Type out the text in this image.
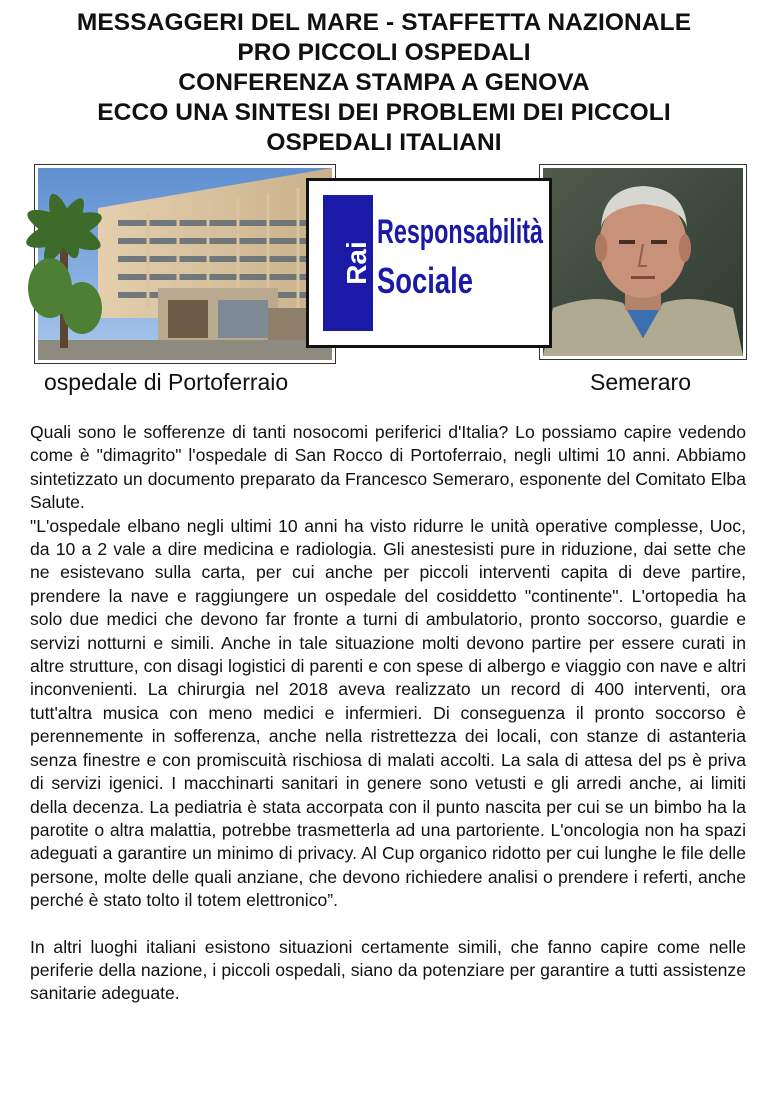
MESSAGGERI DEL MARE - STAFFETTA NAZIONALE
PRO PICCOLI OSPEDALI
CONFERENZA STAMPA A GENOVA
ECCO UNA SINTESI DEI PROBLEMI DEI PICCOLI
OSPEDALI ITALIANI
Rai
Responsabilità
Sociale
ospedale di Portoferraio	Semeraro
Quali sono le sofferenze di tanti nosocomi periferici d'Italia? Lo possiamo capire vedendo come è "dimagrito" l'ospedale di San Rocco di Portoferraio, negli ultimi 10 anni. Abbiamo sintetizzato un documento preparato da Francesco Semeraro, esponente del Comitato Elba Salute.
"L'ospedale elbano negli ultimi 10 anni ha visto ridurre le unità operative complesse, Uoc, da 10 a 2 vale a dire medicina e radiologia. Gli anestesisti pure in riduzione, dai sette che ne esistevano sulla carta, per cui anche per piccoli interventi capita di deve partire, prendere la nave e raggiungere un ospedale del cosiddetto "continente". L'ortopedia ha solo due medici che devono far fronte a turni di ambulatorio, pronto soccorso, guardie e servizi notturni e simili. Anche in tale situazione molti devono partire per essere curati in altre strutture, con disagi logistici di parenti e con spese di albergo e viaggio con nave e altri inconvenienti. La chirurgia nel 2018 aveva realizzato un record di 400 interventi, ora tutt'altra musica con meno medici e infermieri. Di conseguenza il pronto soccorso è perennemente in sofferenza, anche nella ristrettezza dei locali, con stanze di astanteria senza finestre e con promiscuità rischiosa di malati accolti. La sala di attesa del ps è priva di servizi igenici. I macchinarti sanitari in genere sono vetusti e gli arredi anche, ai limiti della decenza. La pediatria è stata accorpata con il punto nascita per cui se un bimbo ha la parotite o altra malattia, potrebbe trasmetterla ad una partoriente. L'oncologia non ha spazi adeguati a garantire un minimo di privacy. Al Cup organico ridotto per cui lunghe le file delle persone, molte delle quali anziane, che devono richiedere analisi o prendere i referti, anche perché è stato tolto il totem elettronico”.

In altri luoghi italiani esistono situazioni certamente simili, che fanno capire come nelle periferie della nazione, i piccoli ospedali, siano da potenziare per garantire a tutti assistenze sanitarie adeguate.
